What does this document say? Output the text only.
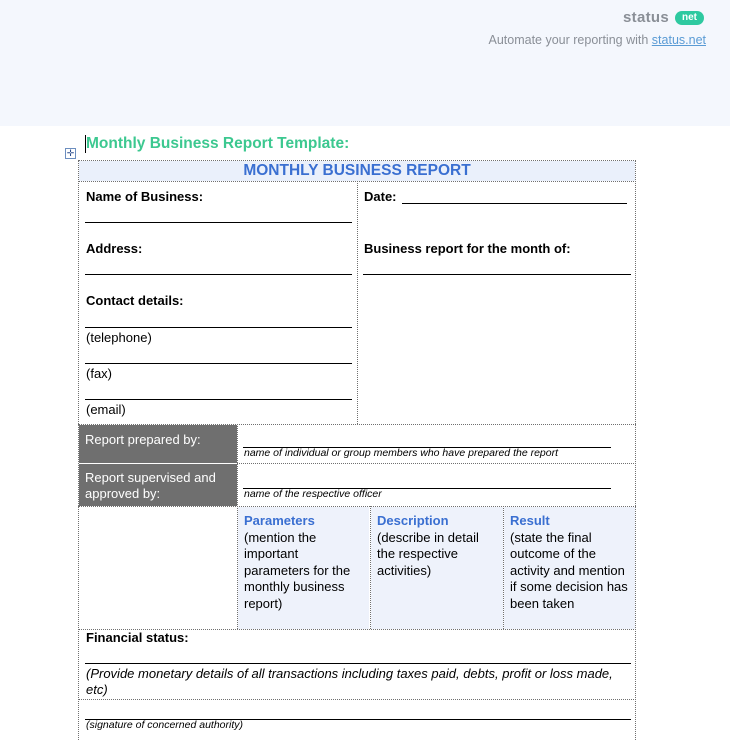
status	net
Automate your reporting with status.net
Monthly Business Report Template:
✛
MONTHLY BUSINESS REPORT
Name of Business:
Address:
Contact details:
(telephone)
(fax)
(email)
Date:
Business report for the month of:
Report prepared by:
name of individual or group members who have prepared the report
Report supervised and approved by:	name of the respective officer
Parameters
(mention the important parameters for the monthly business report)
Description
(describe in detail the respective activities)
Result
(state the final outcome of the activity and mention if some decision has been taken
Financial status:
(Provide monetary details of all transactions including taxes paid, debts, profit or loss made, etc)
(signature of concerned authority)
